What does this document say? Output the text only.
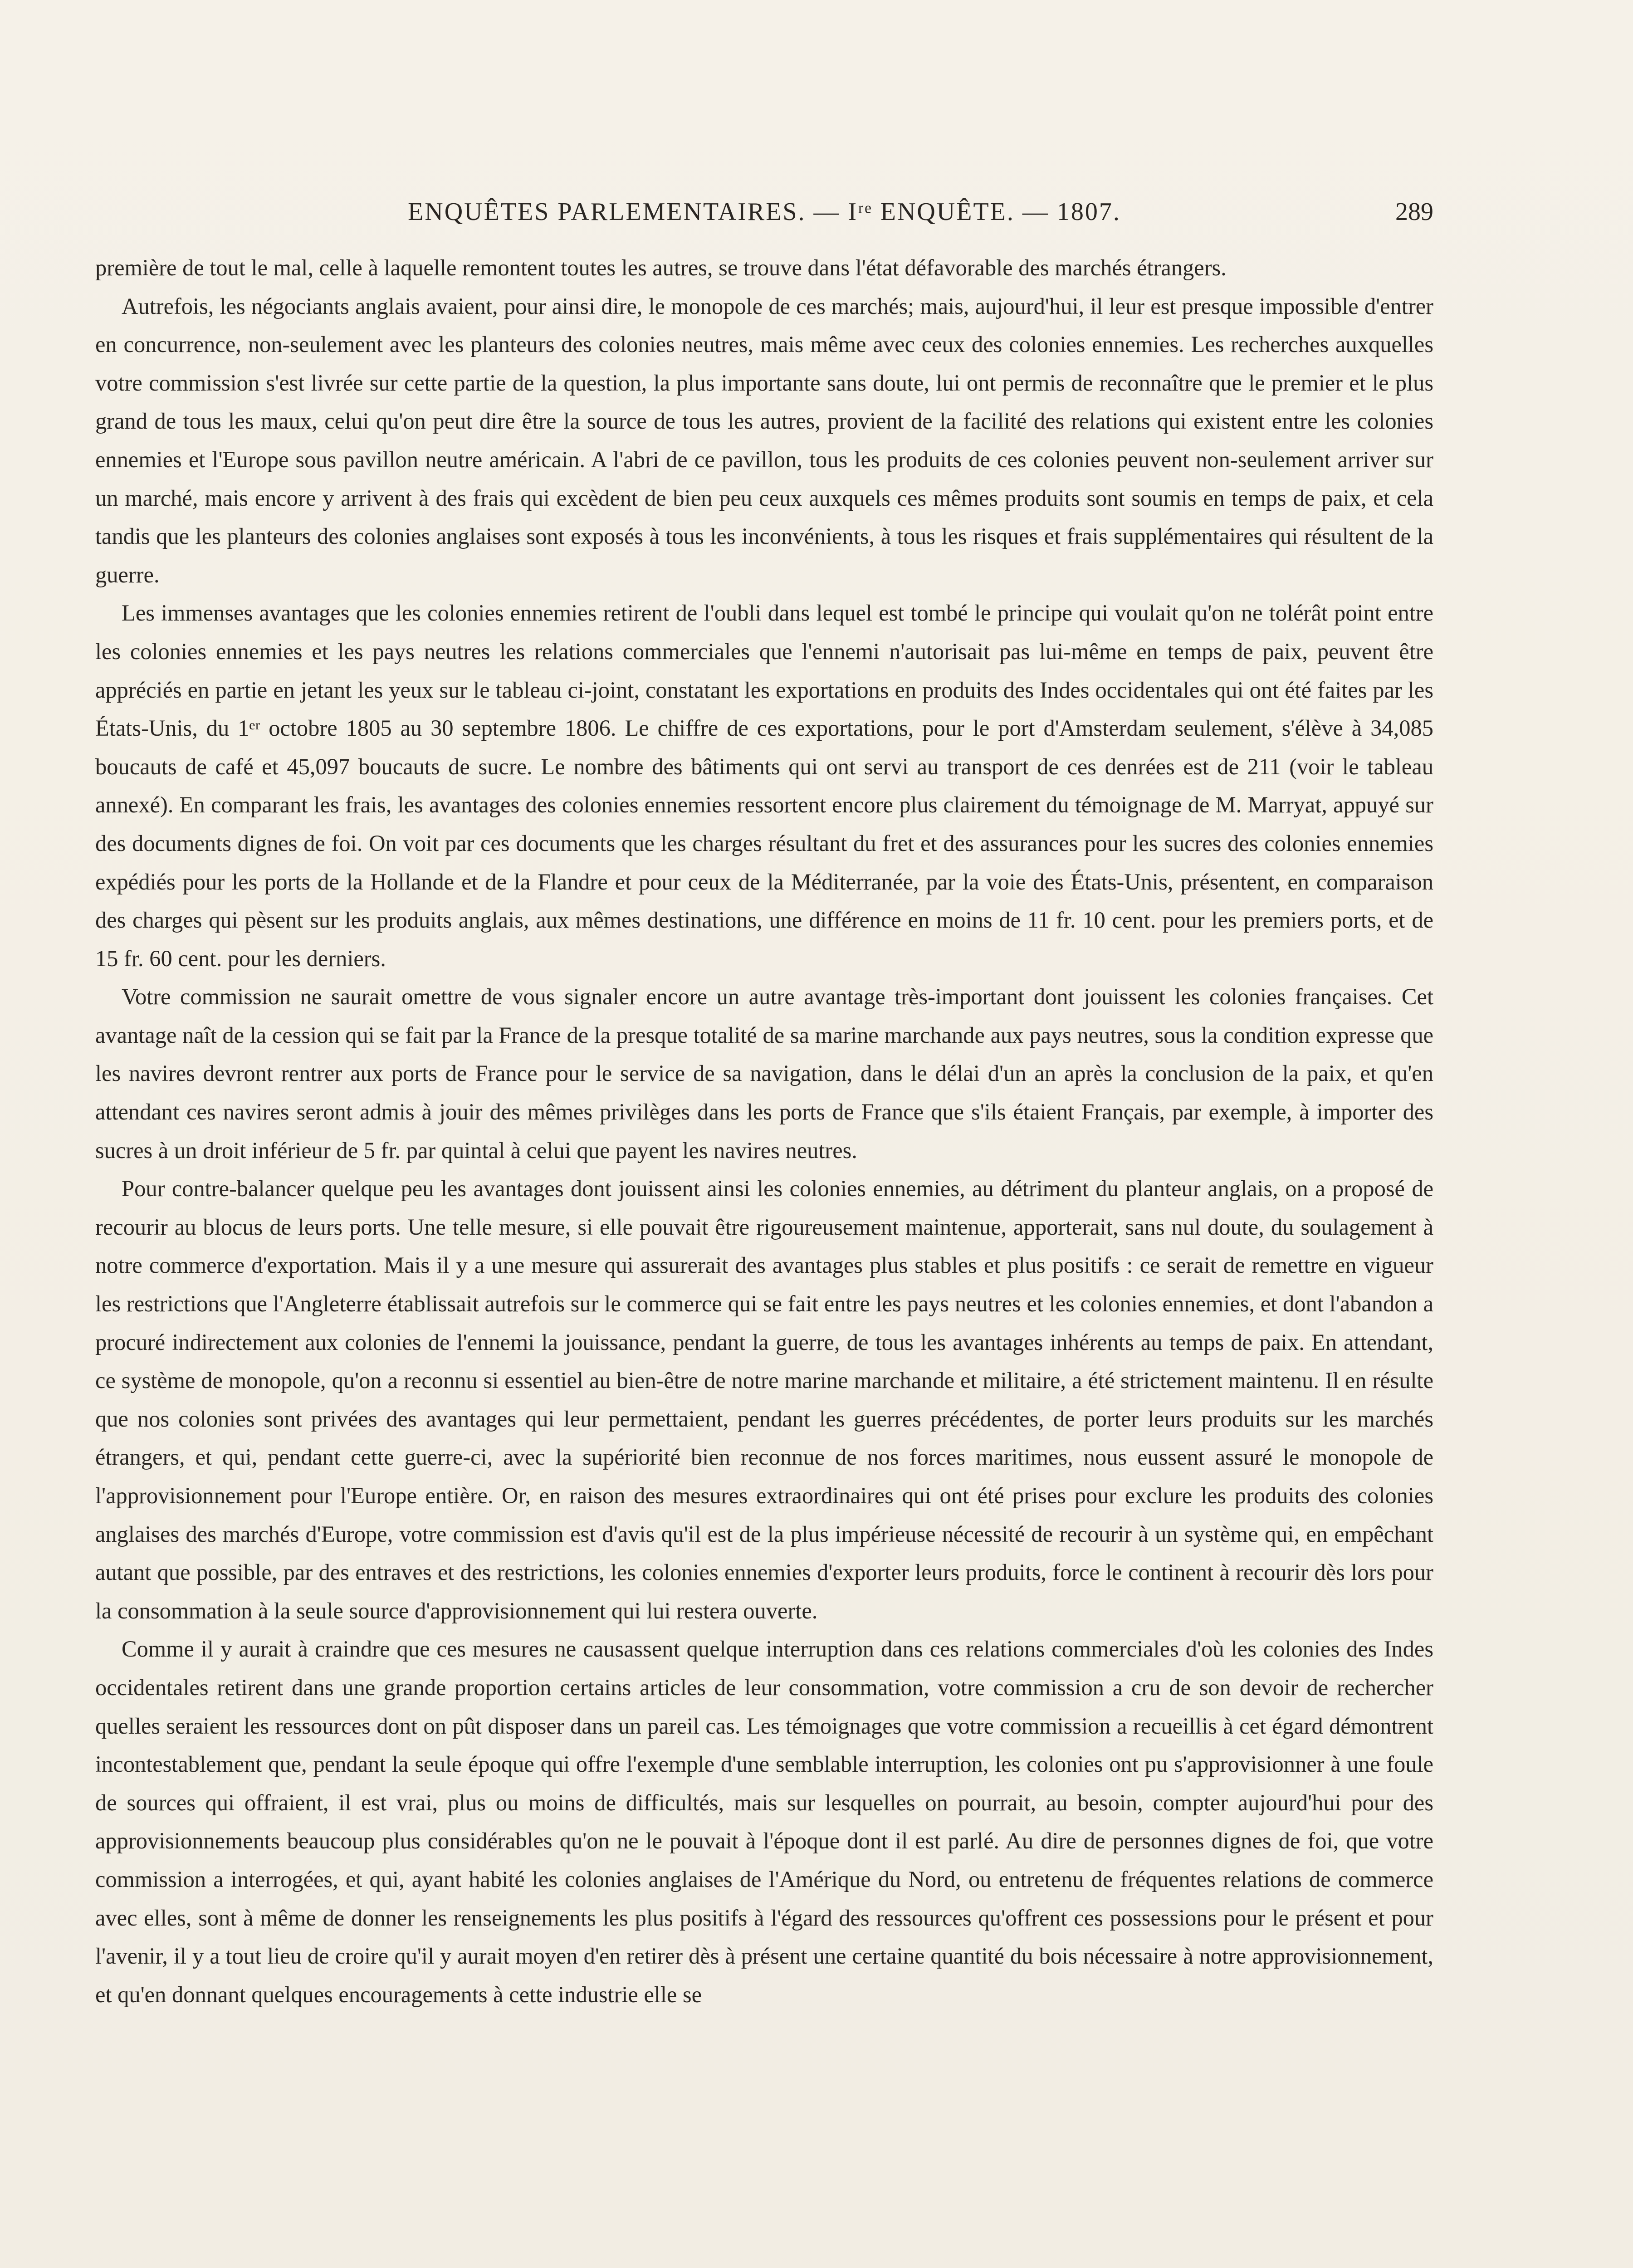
ENQUÊTES PARLEMENTAIRES. — Iʳᵉ ENQUÊTE. — 1807.	289

première de tout le mal, celle à laquelle remontent toutes les autres, se trouve dans l'état défavorable des marchés étrangers.

Autrefois, les négociants anglais avaient, pour ainsi dire, le monopole de ces marchés; mais, aujourd'hui, il leur est presque impossible d'entrer en concurrence, non-seulement avec les planteurs des colonies neutres, mais même avec ceux des colonies ennemies. Les recherches auxquelles votre commission s'est livrée sur cette partie de la question, la plus importante sans doute, lui ont permis de reconnaître que le premier et le plus grand de tous les maux, celui qu'on peut dire être la source de tous les autres, provient de la facilité des relations qui existent entre les colonies ennemies et l'Europe sous pavillon neutre américain. A l'abri de ce pavillon, tous les produits de ces colonies peuvent non-seulement arriver sur un marché, mais encore y arrivent à des frais qui excèdent de bien peu ceux auxquels ces mêmes produits sont soumis en temps de paix, et cela tandis que les planteurs des colonies anglaises sont exposés à tous les inconvénients, à tous les risques et frais supplémentaires qui résultent de la guerre.

Les immenses avantages que les colonies ennemies retirent de l'oubli dans lequel est tombé le principe qui voulait qu'on ne tolérât point entre les colonies ennemies et les pays neutres les relations commerciales que l'ennemi n'autorisait pas lui-même en temps de paix, peuvent être appréciés en partie en jetant les yeux sur le tableau ci-joint, constatant les exportations en produits des Indes occidentales qui ont été faites par les États-Unis, du 1ᵉʳ octobre 1805 au 30 septembre 1806. Le chiffre de ces exportations, pour le port d'Amsterdam seulement, s'élève à 34,085 boucauts de café et 45,097 boucauts de sucre. Le nombre des bâtiments qui ont servi au transport de ces denrées est de 211 (voir le tableau annexé). En comparant les frais, les avantages des colonies ennemies ressortent encore plus clairement du témoignage de M. Marryat, appuyé sur des documents dignes de foi. On voit par ces documents que les charges résultant du fret et des assurances pour les sucres des colonies ennemies expédiés pour les ports de la Hollande et de la Flandre et pour ceux de la Méditerranée, par la voie des États-Unis, présentent, en comparaison des charges qui pèsent sur les produits anglais, aux mêmes destinations, une différence en moins de 11 fr. 10 cent. pour les premiers ports, et de 15 fr. 60 cent. pour les derniers.

Votre commission ne saurait omettre de vous signaler encore un autre avantage très-important dont jouissent les colonies françaises. Cet avantage naît de la cession qui se fait par la France de la presque totalité de sa marine marchande aux pays neutres, sous la condition expresse que les navires devront rentrer aux ports de France pour le service de sa navigation, dans le délai d'un an après la conclusion de la paix, et qu'en attendant ces navires seront admis à jouir des mêmes privilèges dans les ports de France que s'ils étaient Français, par exemple, à importer des sucres à un droit inférieur de 5 fr. par quintal à celui que payent les navires neutres.

Pour contre-balancer quelque peu les avantages dont jouissent ainsi les colonies ennemies, au détriment du planteur anglais, on a proposé de recourir au blocus de leurs ports. Une telle mesure, si elle pouvait être rigoureusement maintenue, apporterait, sans nul doute, du soulagement à notre commerce d'exportation. Mais il y a une mesure qui assurerait des avantages plus stables et plus positifs : ce serait de remettre en vigueur les restrictions que l'Angleterre établissait autrefois sur le commerce qui se fait entre les pays neutres et les colonies ennemies, et dont l'abandon a procuré indirectement aux colonies de l'ennemi la jouissance, pendant la guerre, de tous les avantages inhérents au temps de paix. En attendant, ce système de monopole, qu'on a reconnu si essentiel au bien-être de notre marine marchande et militaire, a été strictement maintenu. Il en résulte que nos colonies sont privées des avantages qui leur permettaient, pendant les guerres précédentes, de porter leurs produits sur les marchés étrangers, et qui, pendant cette guerre-ci, avec la supériorité bien reconnue de nos forces maritimes, nous eussent assuré le monopole de l'approvisionnement pour l'Europe entière. Or, en raison des mesures extraordinaires qui ont été prises pour exclure les produits des colonies anglaises des marchés d'Europe, votre commission est d'avis qu'il est de la plus impérieuse nécessité de recourir à un système qui, en empêchant autant que possible, par des entraves et des restrictions, les colonies ennemies d'exporter leurs produits, force le continent à recourir dès lors pour la consommation à la seule source d'approvisionnement qui lui restera ouverte.

Comme il y aurait à craindre que ces mesures ne causassent quelque interruption dans ces relations commerciales d'où les colonies des Indes occidentales retirent dans une grande proportion certains articles de leur consommation, votre commission a cru de son devoir de rechercher quelles seraient les ressources dont on pût disposer dans un pareil cas. Les témoignages que votre commission a recueillis à cet égard démontrent incontestablement que, pendant la seule époque qui offre l'exemple d'une semblable interruption, les colonies ont pu s'approvisionner à une foule de sources qui offraient, il est vrai, plus ou moins de difficultés, mais sur lesquelles on pourrait, au besoin, compter aujourd'hui pour des approvisionnements beaucoup plus considérables qu'on ne le pouvait à l'époque dont il est parlé. Au dire de personnes dignes de foi, que votre commission a interrogées, et qui, ayant habité les colonies anglaises de l'Amérique du Nord, ou entretenu de fréquentes relations de commerce avec elles, sont à même de donner les renseignements les plus positifs à l'égard des ressources qu'offrent ces possessions pour le présent et pour l'avenir, il y a tout lieu de croire qu'il y aurait moyen d'en retirer dès à présent une certaine quantité du bois nécessaire à notre approvisionnement, et qu'en donnant quelques encouragements à cette industrie elle se
